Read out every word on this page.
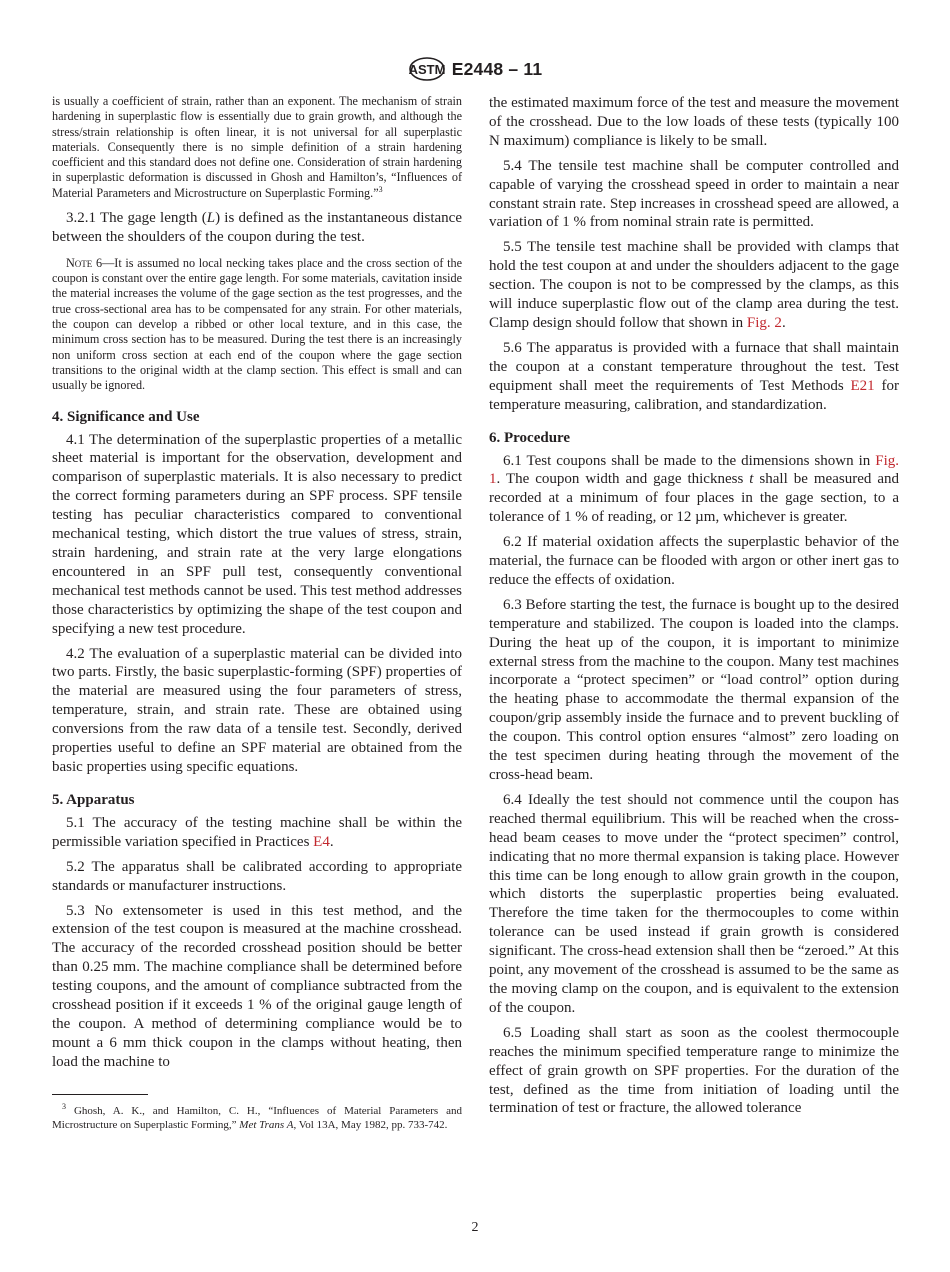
ASTM E2448 – 11

is usually a coefficient of strain, rather than an exponent. The mechanism of strain hardening in superplastic flow is essentially due to grain growth, and although the stress/strain relationship is often linear, it is not universal for all superplastic materials. Consequently there is no simple definition of a strain hardening coefficient and this standard does not define one. Consideration of strain hardening in superplastic deformation is discussed in Ghosh and Hamilton’s, “Influences of Material Parameters and Microstructure on Superplastic Forming.”$^3$

3.2.1 The gage length (L) is defined as the instantaneous distance between the shoulders of the coupon during the test.

Note 6—It is assumed no local necking takes place and the cross section of the coupon is constant over the entire gage length. For some materials, cavitation inside the material increases the volume of the gage section as the test progresses, and the true cross-sectional area has to be compensated for any strain. For other materials, the coupon can develop a ribbed or other local texture, and in this case, the minimum cross section has to be measured. During the test there is an increasingly non uniform cross section at each end of the coupon where the gage section transitions to the original width at the clamp section. This effect is small and can usually be ignored.

4. Significance and Use

4.1 The determination of the superplastic properties of a metallic sheet material is important for the observation, development and comparison of superplastic materials. It is also necessary to predict the correct forming parameters during an SPF process. SPF tensile testing has peculiar characteristics compared to conventional mechanical testing, which distort the true values of stress, strain, strain hardening, and strain rate at the very large elongations encountered in an SPF pull test, consequently conventional mechanical test methods cannot be used. This test method addresses those characteristics by optimizing the shape of the test coupon and specifying a new test procedure.

4.2 The evaluation of a superplastic material can be divided into two parts. Firstly, the basic superplastic-forming (SPF) properties of the material are measured using the four parameters of stress, temperature, strain, and strain rate. These are obtained using conversions from the raw data of a tensile test. Secondly, derived properties useful to define an SPF material are obtained from the basic properties using specific equations.

5. Apparatus

5.1 The accuracy of the testing machine shall be within the permissible variation specified in Practices E4.

5.2 The apparatus shall be calibrated according to appropriate standards or manufacturer instructions.

5.3 No extensometer is used in this test method, and the extension of the test coupon is measured at the machine crosshead. The accuracy of the recorded crosshead position should be better than 0.25 mm. The machine compliance shall be determined before testing coupons, and the amount of compliance subtracted from the crosshead position if it exceeds 1 % of the original gauge length of the coupon. A method of determining compliance would be to mount a 6 mm thick coupon in the clamps without heating, then load the machine to

$^3$ Ghosh, A. K., and Hamilton, C. H., “Influences of Material Parameters and Microstructure on Superplastic Forming,” Met Trans A, Vol 13A, May 1982, pp. 733-742.

the estimated maximum force of the test and measure the movement of the crosshead. Due to the low loads of these tests (typically 100 N maximum) compliance is likely to be small.

5.4 The tensile test machine shall be computer controlled and capable of varying the crosshead speed in order to maintain a near constant strain rate. Step increases in crosshead speed are allowed, a variation of 1 % from nominal strain rate is permitted.

5.5 The tensile test machine shall be provided with clamps that hold the test coupon at and under the shoulders adjacent to the gage section. The coupon is not to be compressed by the clamps, as this will induce superplastic flow out of the clamp area during the test. Clamp design should follow that shown in Fig. 2.

5.6 The apparatus is provided with a furnace that shall maintain the coupon at a constant temperature throughout the test. Test equipment shall meet the requirements of Test Methods E21 for temperature measuring, calibration, and standardization.

6. Procedure

6.1 Test coupons shall be made to the dimensions shown in Fig. 1. The coupon width and gage thickness t shall be measured and recorded at a minimum of four places in the gage section, to a tolerance of 1 % of reading, or 12 µm, whichever is greater.

6.2 If material oxidation affects the superplastic behavior of the material, the furnace can be flooded with argon or other inert gas to reduce the effects of oxidation.

6.3 Before starting the test, the furnace is bought up to the desired temperature and stabilized. The coupon is loaded into the clamps. During the heat up of the coupon, it is important to minimize external stress from the machine to the coupon. Many test machines incorporate a “protect specimen” or “load control” option during the heating phase to accommodate the thermal expansion of the coupon/grip assembly inside the furnace and to prevent buckling of the coupon. This control option ensures “almost” zero loading on the test specimen during heating through the movement of the cross-head beam.

6.4 Ideally the test should not commence until the coupon has reached thermal equilibrium. This will be reached when the cross-head beam ceases to move under the “protect specimen” control, indicating that no more thermal expansion is taking place. However this time can be long enough to allow grain growth in the coupon, which distorts the superplastic properties being evaluated. Therefore the time taken for the thermocouples to come within tolerance can be used instead if grain growth is considered significant. The cross-head extension shall then be “zeroed.” At this point, any movement of the crosshead is assumed to be the same as the moving clamp on the coupon, and is equivalent to the extension of the coupon.

6.5 Loading shall start as soon as the coolest thermocouple reaches the minimum specified temperature range to minimize the effect of grain growth on SPF properties. For the duration of the test, defined as the time from initiation of loading until the termination of test or fracture, the allowed tolerance

2
